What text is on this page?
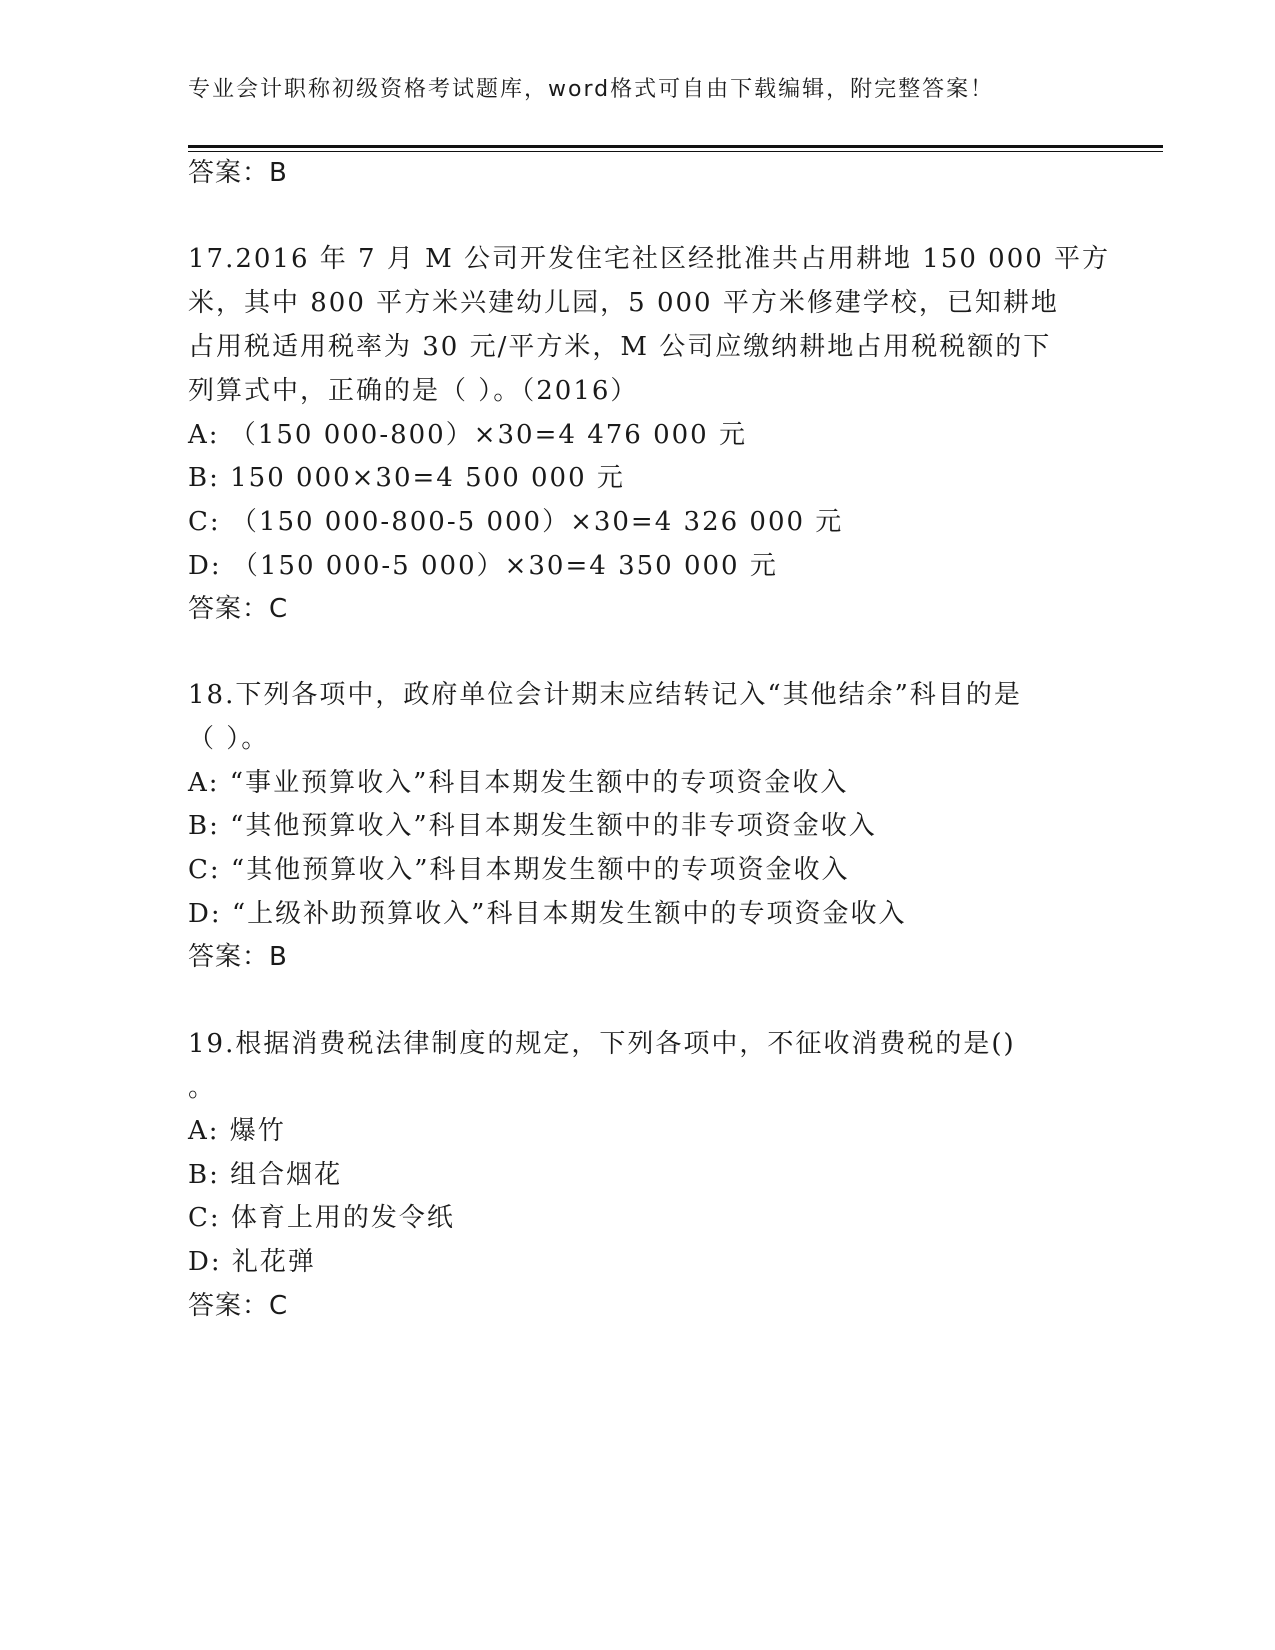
专业会计职称初级资格考试题库，word格式可自由下载编辑，附完整答案！
答案：B
17.2016 年 7 月 M 公司开发住宅社区经批准共占用耕地 150 000 平方
米，其中 800 平方米兴建幼儿园，5 000 平方米修建学校，已知耕地
占用税适用税率为 30 元/平方米，M 公司应缴纳耕地占用税税额的下
列算式中，正确的是（ ）。（2016）
A: （150 000-800）×30=4 476 000 元
B: 150 000×30=4 500 000 元
C: （150 000-800-5 000）×30=4 326 000 元
D: （150 000-5 000）×30=4 350 000 元
答案：C
18.下列各项中，政府单位会计期末应结转记入“其他结余”科目的是
（ ）。
A: “事业预算收入”科目本期发生额中的专项资金收入
B: “其他预算收入”科目本期发生额中的非专项资金收入
C: “其他预算收入”科目本期发生额中的专项资金收入
D: “上级补助预算收入”科目本期发生额中的专项资金收入
答案：B
19.根据消费税法律制度的规定，下列各项中，不征收消费税的是()
。
A: 爆竹
B: 组合烟花
C: 体育上用的发令纸
D: 礼花弹
答案：C
